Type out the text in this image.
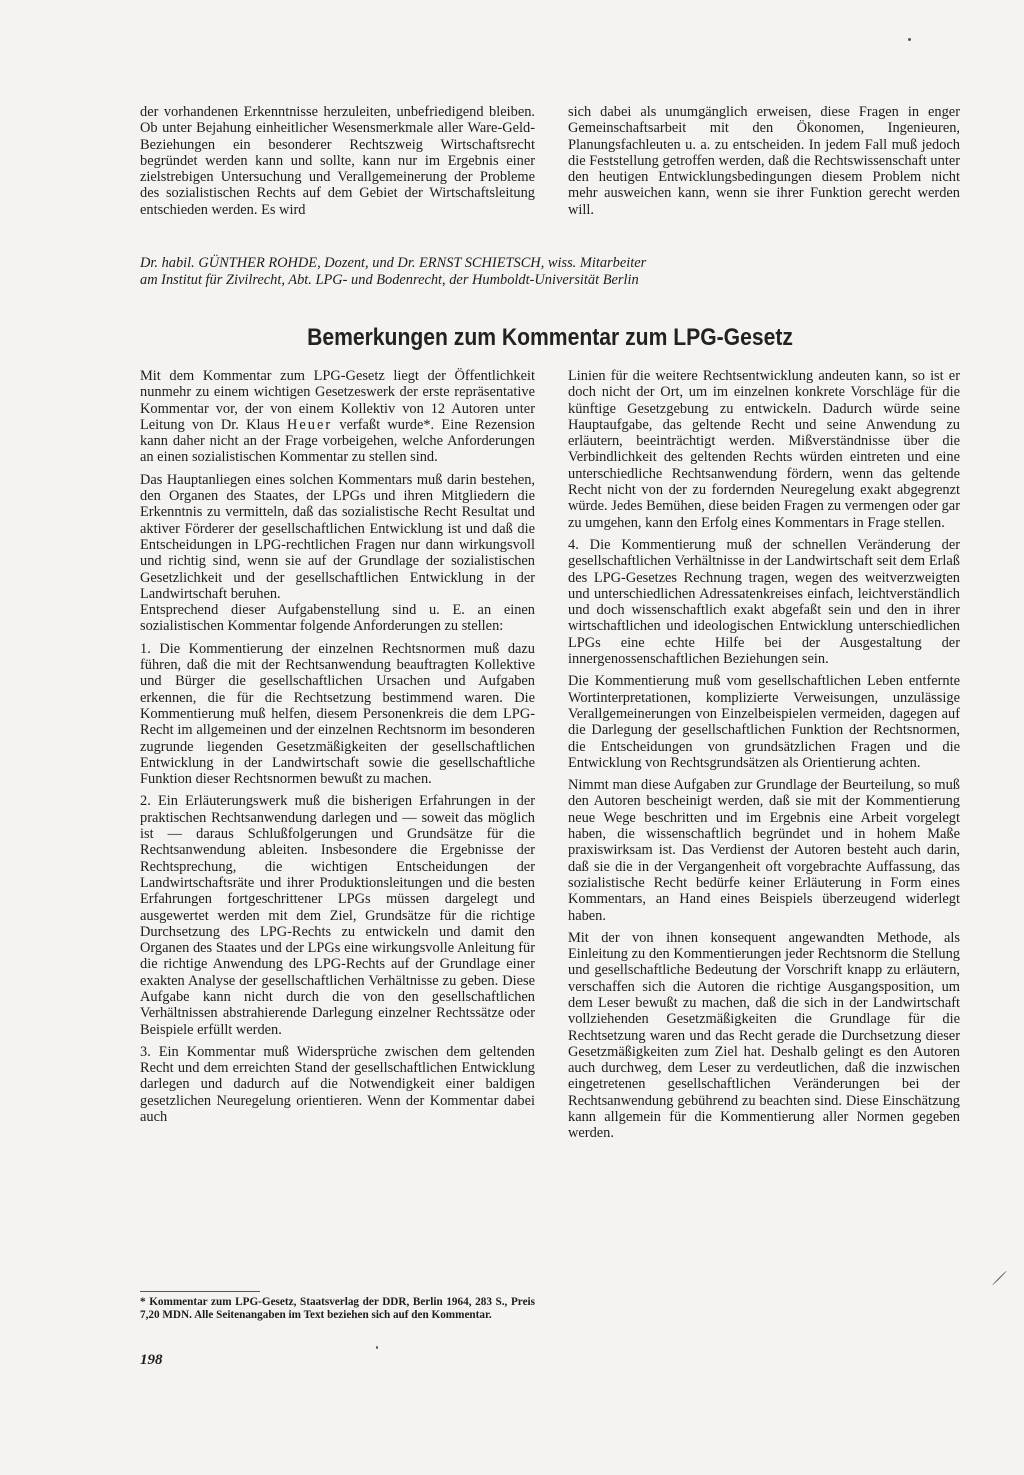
der vorhandenen Erkenntnisse herzuleiten, unbefriedigend bleiben. Ob unter Bejahung einheitlicher Wesensmerkmale aller Ware-Geld-Beziehungen ein besonderer Rechtszweig Wirtschaftsrecht begründet werden kann und sollte, kann nur im Ergebnis einer zielstrebigen Untersuchung und Verallgemeinerung der Probleme des sozialistischen Rechts auf dem Gebiet der Wirtschaftsleitung entschieden werden. Es wird

sich dabei als unumgänglich erweisen, diese Fragen in enger Gemeinschaftsarbeit mit den Ökonomen, Ingenieuren, Planungsfachleuten u. a. zu entscheiden. In jedem Fall muß jedoch die Feststellung getroffen werden, daß die Rechtswissenschaft unter den heutigen Entwicklungsbedingungen diesem Problem nicht mehr ausweichen kann, wenn sie ihrer Funktion gerecht werden will.

Dr. habil. GÜNTHER ROHDE, Dozent, und Dr. ERNST SCHIETSCH, wiss. Mitarbeiter
am Institut für Zivilrecht, Abt. LPG- und Bodenrecht, der Humboldt-Universität Berlin
Bemerkungen zum Kommentar zum LPG-Gesetz

Mit dem Kommentar zum LPG-Gesetz liegt der Öffentlichkeit nunmehr zu einem wichtigen Gesetzeswerk der erste repräsentative Kommentar vor, der von einem Kollektiv von 12 Autoren unter Leitung von Dr. Klaus Heuer verfaßt wurde*. Eine Rezension kann daher nicht an der Frage vorbeigehen, welche Anforderungen an einen sozialistischen Kommentar zu stellen sind.

Das Hauptanliegen eines solchen Kommentars muß darin bestehen, den Organen des Staates, der LPGs und ihren Mitgliedern die Erkenntnis zu vermitteln, daß das sozialistische Recht Resultat und aktiver Förderer der gesellschaftlichen Entwicklung ist und daß die Entscheidungen in LPG-rechtlichen Fragen nur dann wirkungsvoll und richtig sind, wenn sie auf der Grundlage der sozialistischen Gesetzlichkeit und der gesellschaftlichen Entwicklung in der Landwirtschaft beruhen.

Entsprechend dieser Aufgabenstellung sind u. E. an einen sozialistischen Kommentar folgende Anforderungen zu stellen:

1. Die Kommentierung der einzelnen Rechtsnormen muß dazu führen, daß die mit der Rechtsanwendung beauftragten Kollektive und Bürger die gesellschaftlichen Ursachen und Aufgaben erkennen, die für die Rechtsetzung bestimmend waren. Die Kommentierung muß helfen, diesem Personenkreis die dem LPG-Recht im allgemeinen und der einzelnen Rechtsnorm im besonderen zugrunde liegenden Gesetzmäßigkeiten der gesellschaftlichen Entwicklung in der Landwirtschaft sowie die gesellschaftliche Funktion dieser Rechtsnormen bewußt zu machen.

2. Ein Erläuterungswerk muß die bisherigen Erfahrungen in der praktischen Rechtsanwendung darlegen und — soweit das möglich ist — daraus Schlußfolgerungen und Grundsätze für die Rechtsanwendung ableiten. Insbesondere die Ergebnisse der Rechtsprechung, die wichtigen Entscheidungen der Landwirtschaftsräte und ihrer Produktionsleitungen und die besten Erfahrungen fortgeschrittener LPGs müssen dargelegt und ausgewertet werden mit dem Ziel, Grundsätze für die richtige Durchsetzung des LPG-Rechts zu entwickeln und damit den Organen des Staates und der LPGs eine wirkungsvolle Anleitung für die richtige Anwendung des LPG-Rechts auf der Grundlage einer exakten Analyse der gesellschaftlichen Verhältnisse zu geben. Diese Aufgabe kann nicht durch die von den gesellschaftlichen Verhältnissen abstrahierende Darlegung einzelner Rechtssätze oder Beispiele erfüllt werden.

3. Ein Kommentar muß Widersprüche zwischen dem geltenden Recht und dem erreichten Stand der gesellschaftlichen Entwicklung darlegen und dadurch auf die Notwendigkeit einer baldigen gesetzlichen Neuregelung orientieren. Wenn der Kommentar dabei auch

Linien für die weitere Rechtsentwicklung andeuten kann, so ist er doch nicht der Ort, um im einzelnen konkrete Vorschläge für die künftige Gesetzgebung zu entwickeln. Dadurch würde seine Hauptaufgabe, das geltende Recht und seine Anwendung zu erläutern, beeinträchtigt werden. Mißverständnisse über die Verbindlichkeit des geltenden Rechts würden eintreten und eine unterschiedliche Rechtsanwendung fördern, wenn das geltende Recht nicht von der zu fordernden Neuregelung exakt abgegrenzt würde. Jedes Bemühen, diese beiden Fragen zu vermengen oder gar zu umgehen, kann den Erfolg eines Kommentars in Frage stellen.

4. Die Kommentierung muß der schnellen Veränderung der gesellschaftlichen Verhältnisse in der Landwirtschaft seit dem Erlaß des LPG-Gesetzes Rechnung tragen, wegen des weitverzweigten und unterschiedlichen Adressatenkreises einfach, leichtverständlich und doch wissenschaftlich exakt abgefaßt sein und den in ihrer wirtschaftlichen und ideologischen Entwicklung unterschiedlichen LPGs eine echte Hilfe bei der Ausgestaltung der innergenossenschaftlichen Beziehungen sein.

Die Kommentierung muß vom gesellschaftlichen Leben entfernte Wortinterpretationen, komplizierte Verweisungen, unzulässige Verallgemeinerungen von Einzelbeispielen vermeiden, dagegen auf die Darlegung der gesellschaftlichen Funktion der Rechtsnormen, die Entscheidungen von grundsätzlichen Fragen und die Entwicklung von Rechtsgrundsätzen als Orientierung achten.

Nimmt man diese Aufgaben zur Grundlage der Beurteilung, so muß den Autoren bescheinigt werden, daß sie mit der Kommentierung neue Wege beschritten und im Ergebnis eine Arbeit vorgelegt haben, die wissenschaftlich begründet und in hohem Maße praxiswirksam ist. Das Verdienst der Autoren besteht auch darin, daß sie die in der Vergangenheit oft vorgebrachte Auffassung, das sozialistische Recht bedürfe keiner Erläuterung in Form eines Kommentars, an Hand eines Beispiels überzeugend widerlegt haben.

Mit der von ihnen konsequent angewandten Methode, als Einleitung zu den Kommentierungen jeder Rechtsnorm die Stellung und gesellschaftliche Bedeutung der Vorschrift knapp zu erläutern, verschaffen sich die Autoren die richtige Ausgangsposition, um dem Leser bewußt zu machen, daß die sich in der Landwirtschaft vollziehenden Gesetzmäßigkeiten die Grundlage für die Rechtsetzung waren und das Recht gerade die Durchsetzung dieser Gesetzmäßigkeiten zum Ziel hat. Deshalb gelingt es den Autoren auch durchweg, dem Leser zu verdeutlichen, daß die inzwischen eingetretenen gesellschaftlichen Veränderungen bei der Rechtsanwendung gebührend zu beachten sind. Diese Einschätzung kann allgemein für die Kommentierung aller Normen gegeben werden.

* Kommentar zum LPG-Gesetz, Staatsverlag der DDR, Berlin 1964, 283 S., Preis 7,20 MDN. Alle Seitenangaben im Text beziehen sich auf den Kommentar.

198
